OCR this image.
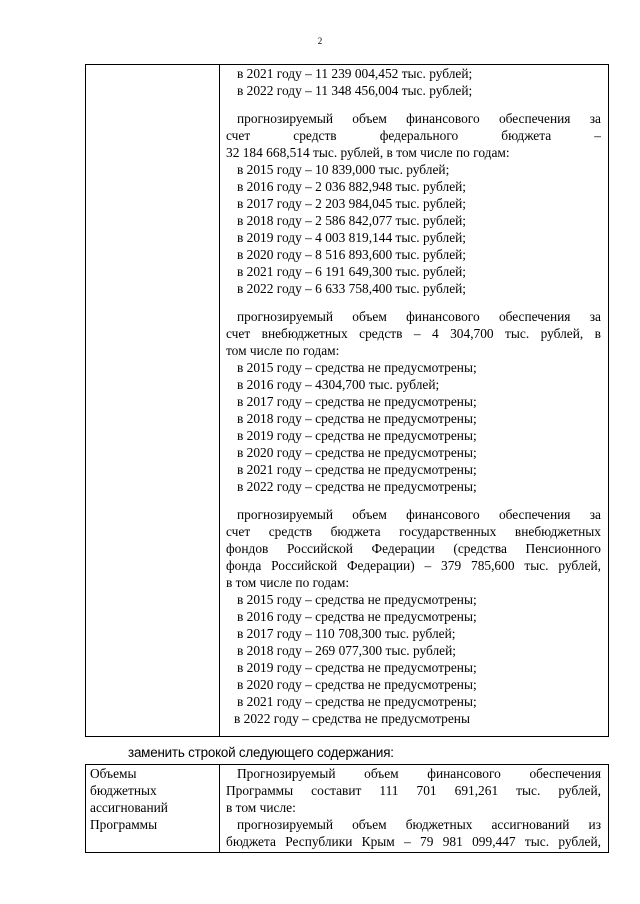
2
в 2021 году – 11 239 004,452 тыс. рублей;
в 2022 году – 11 348 456,004 тыс. рублей;
прогнозируемый объем финансового обеспечения за
счет средств федерального бюджета –
32 184 668,514 тыс. рублей, в том числе по годам:
в 2015 году – 10 839,000 тыс. рублей;
в 2016 году – 2 036 882,948 тыс. рублей;
в 2017 году – 2 203 984,045 тыс. рублей;
в 2018 году – 2 586 842,077 тыс. рублей;
в 2019 году – 4 003 819,144 тыс. рублей;
в 2020 году – 8 516 893,600 тыс. рублей;
в 2021 году – 6 191 649,300 тыс. рублей;
в 2022 году – 6 633 758,400 тыс. рублей;
прогнозируемый объем финансового обеспечения за
счет внебюджетных средств – 4 304,700 тыс. рублей, в
том числе по годам:
в 2015 году – средства не предусмотрены;
в 2016 году – 4304,700 тыс. рублей;
в 2017 году – средства не предусмотрены;
в 2018 году – средства не предусмотрены;
в 2019 году – средства не предусмотрены;
в 2020 году – средства не предусмотрены;
в 2021 году – средства не предусмотрены;
в 2022 году – средства не предусмотрены;
прогнозируемый объем финансового обеспечения за
счет средств бюджета государственных внебюджетных
фондов Российской Федерации (средства Пенсионного
фонда Российской Федерации) – 379 785,600 тыс. рублей,
в том числе по годам:
в 2015 году – средства не предусмотрены;
в 2016 году – средства не предусмотрены;
в 2017 году – 110 708,300 тыс. рублей;
в 2018 году – 269 077,300 тыс. рублей;
в 2019 году – средства не предусмотрены;
в 2020 году – средства не предусмотрены;
в 2021 году – средства не предусмотрены;
в 2022 году – средства не предусмотрены
заменить строкой следующего содержания:
Объемы
бюджетных
ассигнований
Программы
Прогнозируемый объем финансового обеспечения
Программы составит 111 701 691,261 тыс. рублей,
в том числе:
прогнозируемый объем бюджетных ассигнований из
бюджета Республики Крым – 79 981 099,447 тыс. рублей,
